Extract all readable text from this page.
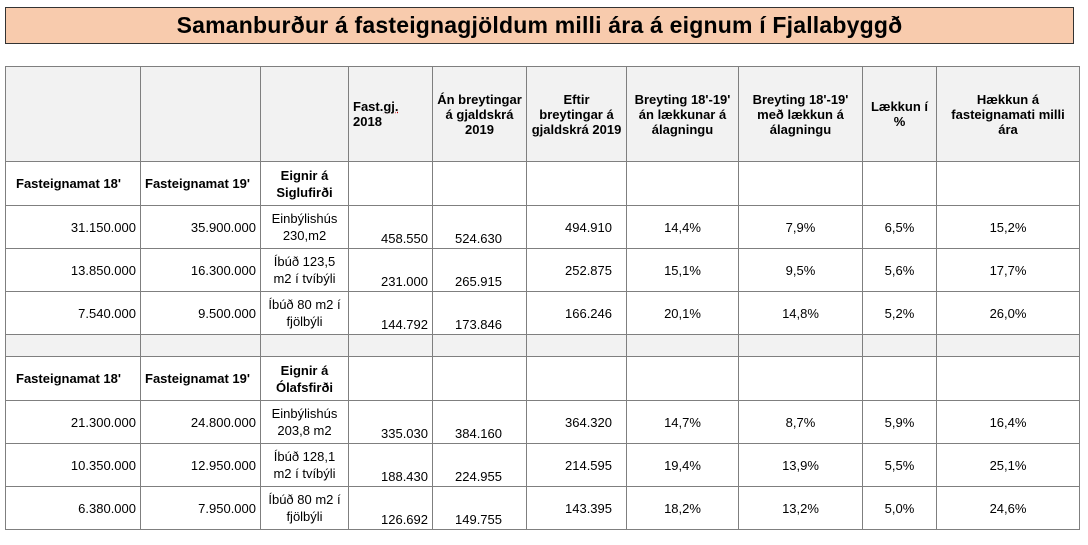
Samanburður á fasteignagjöldum milli ára á eignum í Fjallabyggð
			Fast.gj. 2018	Án breytingar á gjaldskrá 2019	Eftir breytingar á gjaldskrá 2019	Breyting 18'-19' án lækkunar á álagningu	Breyting 18'-19' með lækkun á álagningu	Lækkun í %	Hækkun á fasteignamati milli ára
Fasteignamat 18'	Fasteignamat 19'	Eignir á Siglufirði							
31.150.000	35.900.000	Einbýlishús 230,m2	458.550	524.630	494.910	14,4%	7,9%	6,5%	15,2%
13.850.000	16.300.000	Íbúð 123,5 m2 í tvíbýli	231.000	265.915	252.875	15,1%	9,5%	5,6%	17,7%
7.540.000	9.500.000	Íbúð 80 m2 í fjölbýli	144.792	173.846	166.246	20,1%	14,8%	5,2%	26,0%

Fasteignamat 18'	Fasteignamat 19'	Eignir á Ólafsfirði							
21.300.000	24.800.000	Einbýlishús 203,8 m2	335.030	384.160	364.320	14,7%	8,7%	5,9%	16,4%
10.350.000	12.950.000	Íbúð 128,1 m2 í tvíbýli	188.430	224.955	214.595	19,4%	13,9%	5,5%	25,1%
6.380.000	7.950.000	Íbúð 80 m2 í fjölbýli	126.692	149.755	143.395	18,2%	13,2%	5,0%	24,6%
